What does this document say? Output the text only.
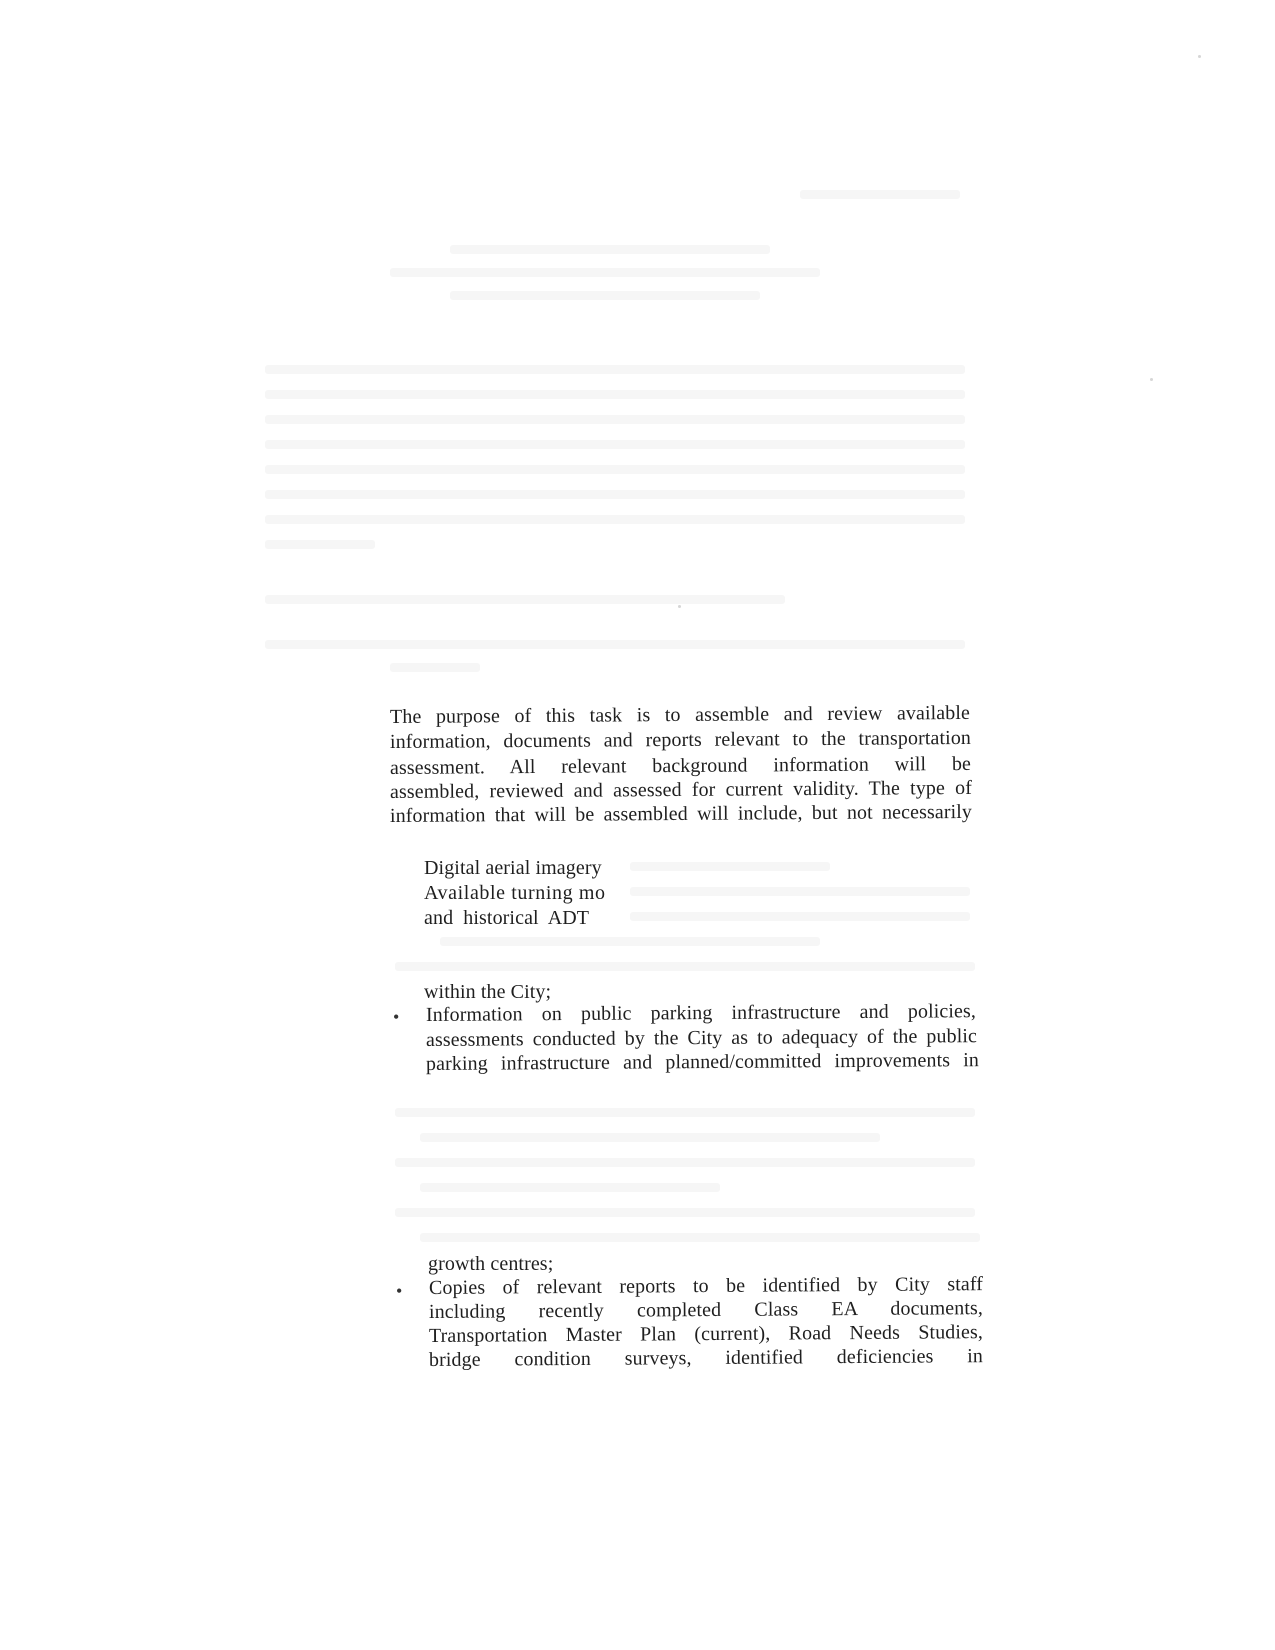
The purpose of this task is to assemble and review available
information, documents and reports relevant to the transportation
assessment. All relevant background information will be
assembled, reviewed and assessed for current validity. The type of
information that will be assembled will include, but not necessarily
Digital aerial imagery
Available turning mo
and historical ADT
within the City;
• Information on public parking infrastructure and policies,
assessments conducted by the City as to adequacy of the public
parking infrastructure and planned/committed improvements in
growth centres;
• Copies of relevant reports to be identified by City staff
including recently completed Class EA documents,
Transportation Master Plan (current), Road Needs Studies,
bridge condition surveys, identified deficiencies in
